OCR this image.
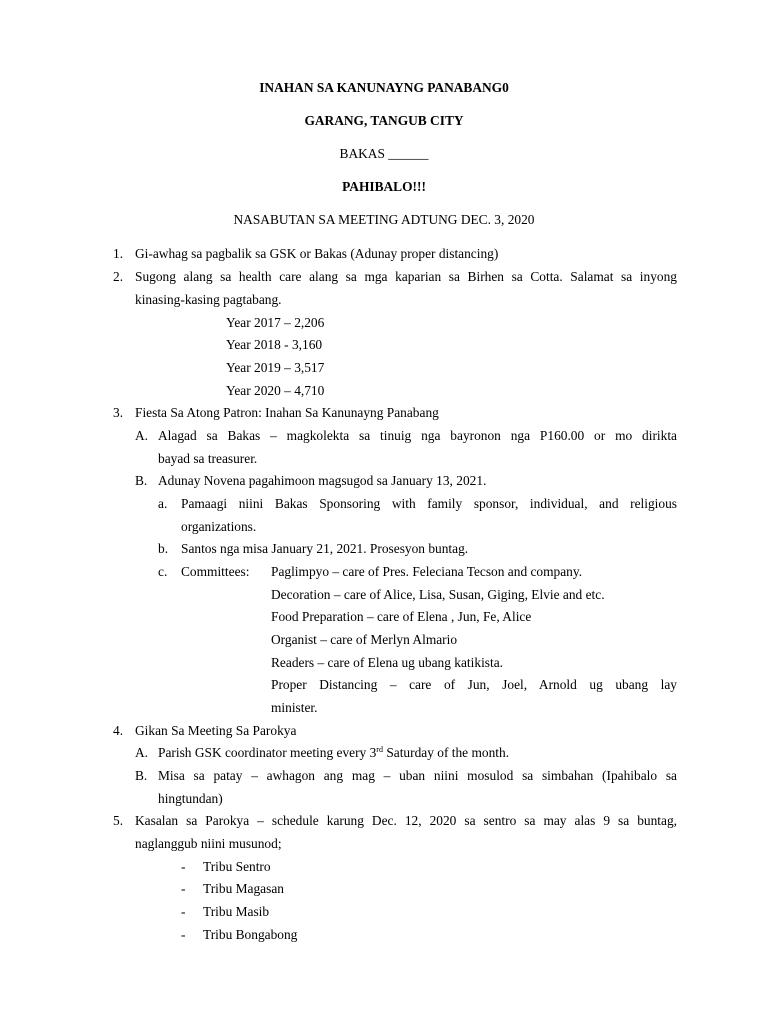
INAHAN SA KANUNAYNG PANABANG0
GARANG, TANGUB CITY
BAKAS ______
PAHIBALO!!!
NASABUTAN SA MEETING ADTUNG DEC. 3, 2020
1. Gi-awhag sa pagbalik sa GSK or Bakas (Adunay proper distancing)
2. Sugong alang sa health care alang sa mga kaparian sa Birhen sa Cotta. Salamat sa inyong
kinasing-kasing pagtabang.
Year 2017 – 2,206
Year 2018 - 3,160
Year 2019 – 3,517
Year 2020 – 4,710
3. Fiesta Sa Atong Patron: Inahan Sa Kanunayng Panabang
A. Alagad sa Bakas – magkolekta sa tinuig nga bayronon nga P160.00 or mo dirikta
bayad sa treasurer.
B. Adunay Novena pagahimoon magsugod sa January 13, 2021.
a. Pamaagi niini Bakas Sponsoring with family sponsor, individual, and religious
organizations.
b. Santos nga misa January 21, 2021. Prosesyon buntag.
c. Committees: Paglimpyo – care of Pres. Feleciana Tecson and company.
Decoration – care of Alice, Lisa, Susan, Giging, Elvie and etc.
Food Preparation – care of Elena , Jun, Fe, Alice
Organist – care of Merlyn Almario
Readers – care of Elena ug ubang katikista.
Proper Distancing – care of Jun, Joel, Arnold ug ubang lay
minister.
4. Gikan Sa Meeting Sa Parokya
A. Parish GSK coordinator meeting every 3rd Saturday of the month.
B. Misa sa patay – awhagon ang mag – uban niini mosulod sa simbahan (Ipahibalo sa
hingtundan)
5. Kasalan sa Parokya – schedule karung Dec. 12, 2020 sa sentro sa may alas 9 sa buntag,
naglanggub niini musunod;
- Tribu Sentro
- Tribu Magasan
- Tribu Masib
- Tribu Bongabong
